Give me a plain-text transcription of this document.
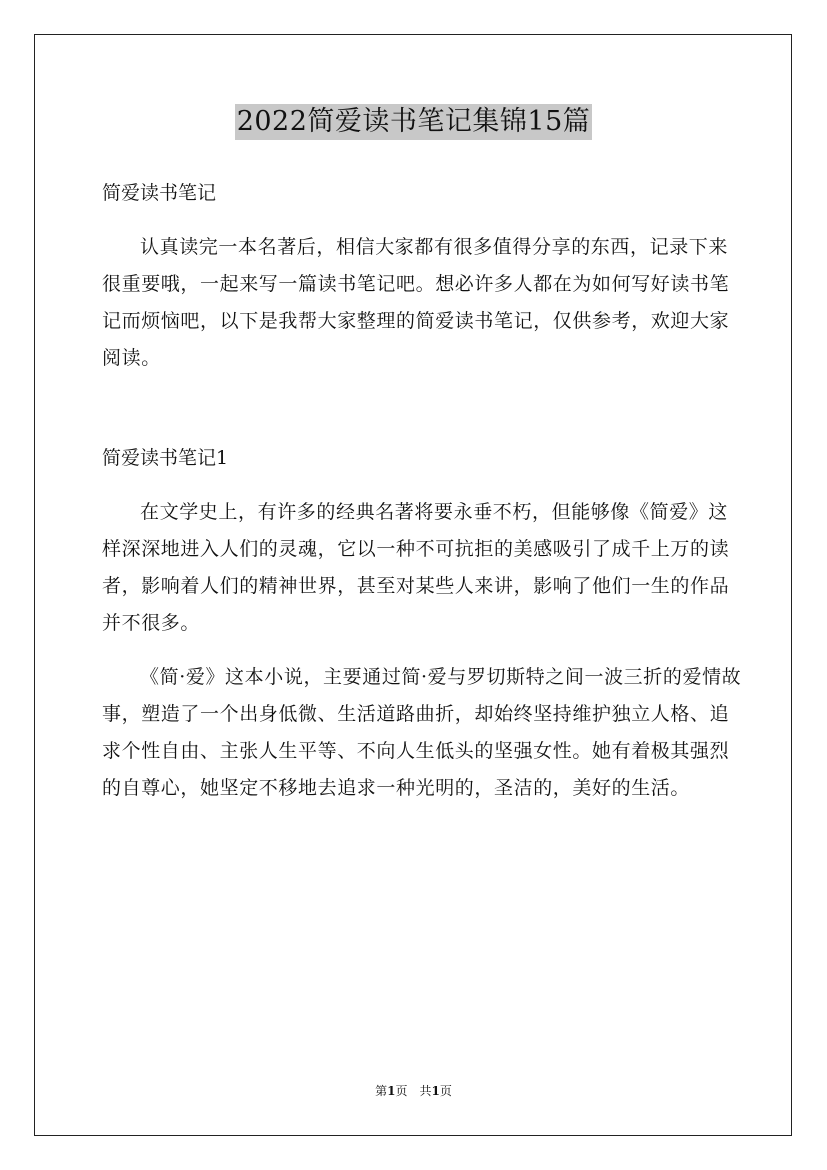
2022简爱读书笔记集锦15篇

简爱读书笔记

认真读完一本名著后，相信大家都有很多值得分享的东西，记录下来很重要哦，一起来写一篇读书笔记吧。想必许多人都在为如何写好读书笔记而烦恼吧，以下是我帮大家整理的简爱读书笔记，仅供参考，欢迎大家阅读。

简爱读书笔记1

在文学史上，有许多的经典名著将要永垂不朽，但能够像《简爱》这样深深地进入人们的灵魂，它以一种不可抗拒的美感吸引了成千上万的读者，影响着人们的精神世界，甚至对某些人来讲，影响了他们一生的作品并不很多。

《简·爱》这本小说，主要通过简·爱与罗切斯特之间一波三折的爱情故事，塑造了一个出身低微、生活道路曲折，却始终坚持维护独立人格、追求个性自由、主张人生平等、不向人生低头的坚强女性。她有着极其强烈的自尊心，她坚定不移地去追求一种光明的，圣洁的，美好的生活。

第1页 共1页
